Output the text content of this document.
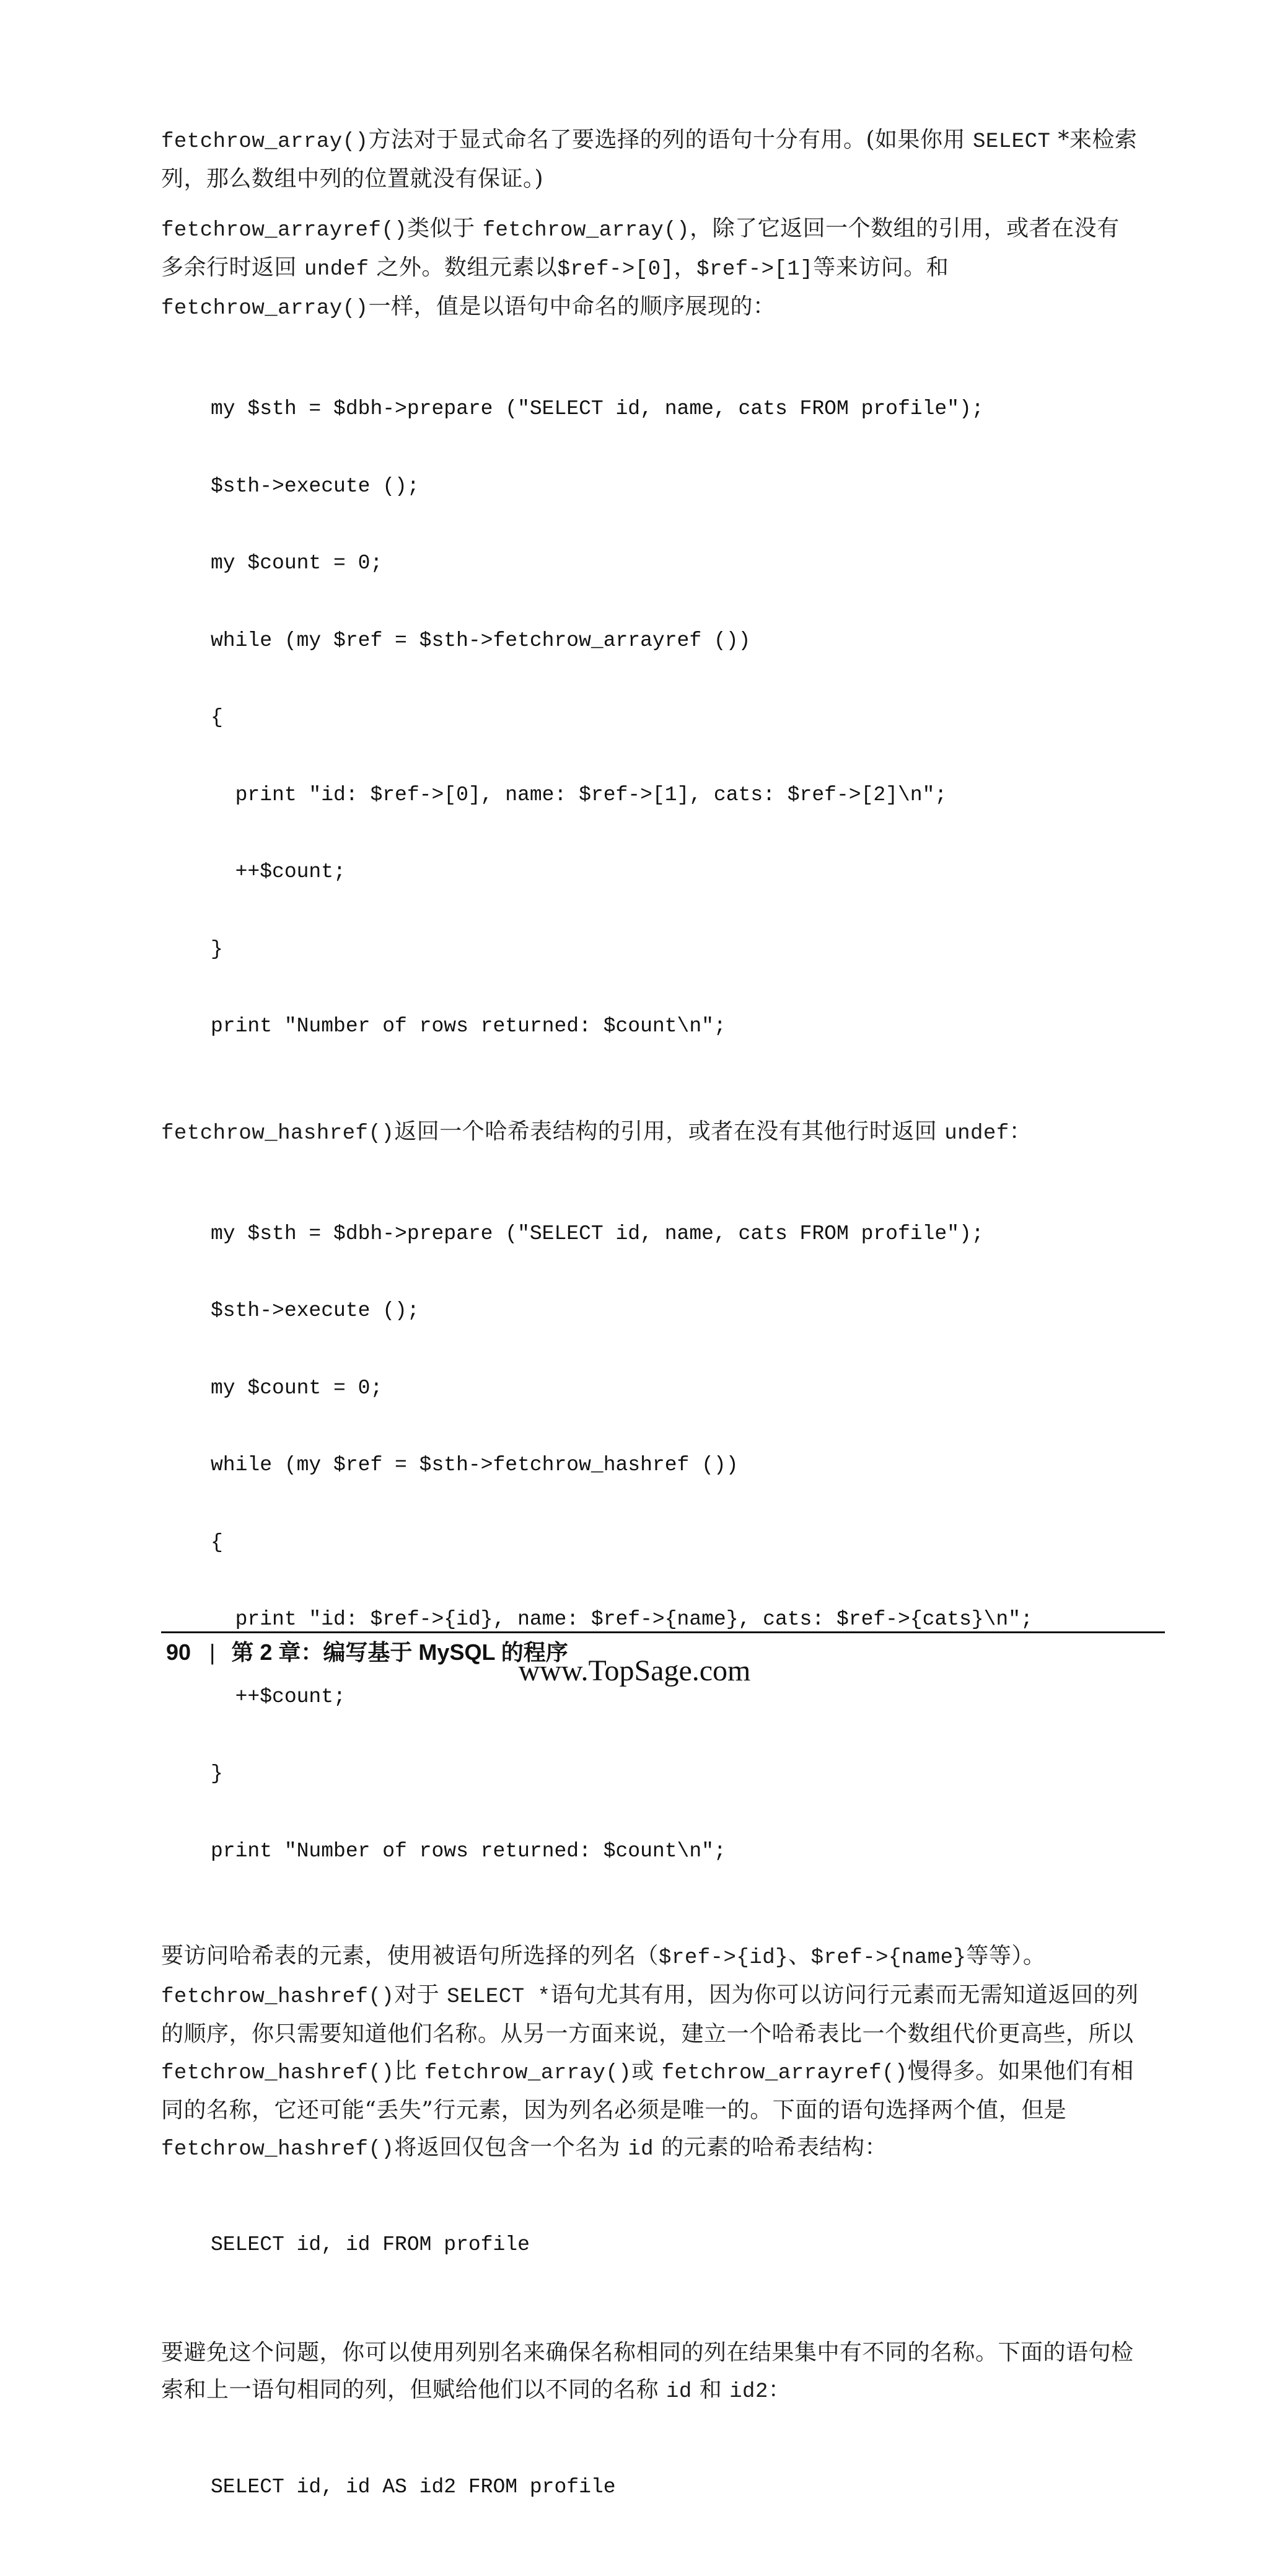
fetchrow_array()方法对于显式命名了要选择的列的语句十分有用。(如果你用 SELECT *来检索列，那么数组中列的位置就没有保证。)

fetchrow_arrayref()类似于 fetchrow_array()，除了它返回一个数组的引用，或者在没有多余行时返回 undef 之外。数组元素以$ref->[0]，$ref->[1]等来访问。和fetchrow_array()一样，值是以语句中命名的顺序展现的：

my $sth = $dbh->prepare ("SELECT id, name, cats FROM profile");

$sth->execute ();

my $count = 0;

while (my $ref = $sth->fetchrow_arrayref ())

{

print "id: $ref->[0], name: $ref->[1], cats: $ref->[2]\n";

++$count;

}

print "Number of rows returned: $count\n";

fetchrow_hashref()返回一个哈希表结构的引用，或者在没有其他行时返回 undef：

my $sth = $dbh->prepare ("SELECT id, name, cats FROM profile");

$sth->execute ();

my $count = 0;

while (my $ref = $sth->fetchrow_hashref ())

{

print "id: $ref->{id}, name: $ref->{name}, cats: $ref->{cats}\n";

++$count;

}

print "Number of rows returned: $count\n";

要访问哈希表的元素，使用被语句所选择的列名（$ref->{id}、$ref->{name}等等）。fetchrow_hashref()对于 SELECT *语句尤其有用，因为你可以访问行元素而无需知道返回的列的顺序，你只需要知道他们名称。从另一方面来说，建立一个哈希表比一个数组代价更高些，所以 fetchrow_hashref()比 fetchrow_array()或 fetchrow_arrayref()慢得多。如果他们有相同的名称，它还可能“丢失”行元素，因为列名必须是唯一的。下面的语句选择两个值，但是 fetchrow_hashref()将返回仅包含一个名为 id 的元素的哈希表结构：

SELECT id, id FROM profile

要避免这个问题，你可以使用列别名来确保名称相同的列在结果集中有不同的名称。下面的语句检索和上一语句相同的列，但赋给他们以不同的名称 id 和 id2：

SELECT id, id AS id2 FROM profile

90 | 第 2 章：编写基于 MySQL 的程序
www.TopSage.com
